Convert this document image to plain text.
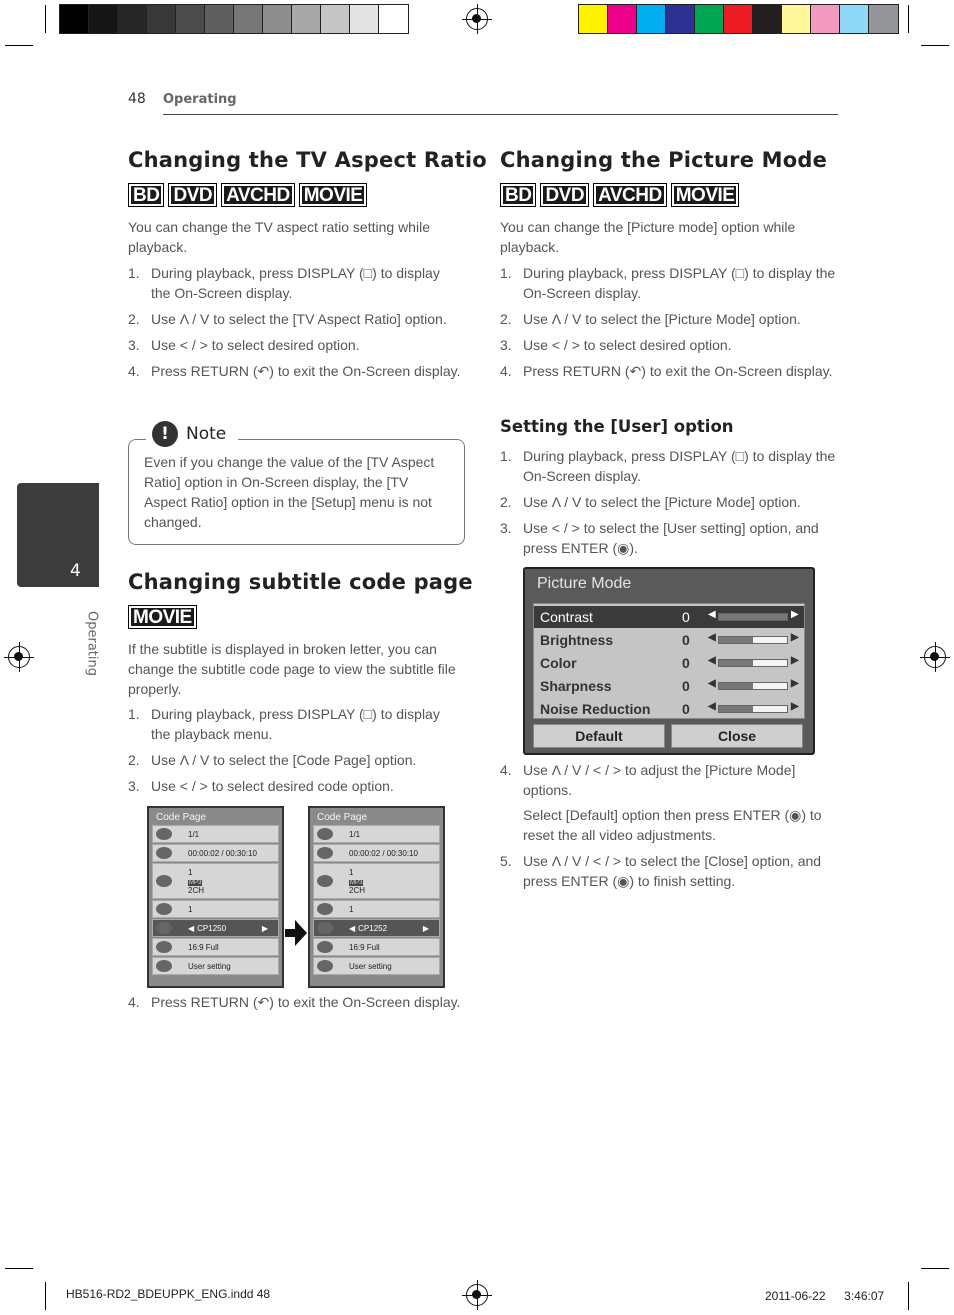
48 Operating
4
Operating
Changing the TV Aspect Ratio
BD DVD AVCHD MOVIE
You can change the TV aspect ratio setting while playback.
1. During playback, press DISPLAY (□) to display the On-Screen display.
2. Use Λ / V to select the [TV Aspect Ratio] option.
3. Use < / > to select desired option.
4. Press RETURN (↶) to exit the On-Screen display.
!	Note
Even if you change the value of the [TV Aspect Ratio] option in On-Screen display, the [TV Aspect Ratio] option in the [Setup] menu is not changed.
Changing subtitle code page
MOVIE
If the subtitle is displayed in broken letter, you can change the subtitle code page to view the subtitle file properly.
1. During playback, press DISPLAY (□) to display the playback menu.
2. Use Λ / V to select the [Code Page] option.
3. Use < / > to select desired code option.
Code Page
1/1
00:00:02 / 00:30:10
1
MP3
2CH
1
◀ CP1250	▶
16:9 Full
User setting
Code Page
1/1
00:00:02 / 00:30:10
1
MP3
2CH
1
◀ CP1252	▶
16:9 Full
User setting
4. Press RETURN (↶) to exit the On-Screen display.
Changing the Picture Mode
BD DVD AVCHD MOVIE
You can change the [Picture mode] option while playback.
1. During playback, press DISPLAY (□) to display the On-Screen display.
2. Use Λ / V to select the [Picture Mode] option.
3. Use < / > to select desired option.
4. Press RETURN (↶) to exit the On-Screen display.
Setting the [User] option
1. During playback, press DISPLAY (□) to display the On-Screen display.
2. Use Λ / V to select the [Picture Mode] option.
3. Use < / > to select the [User setting] option, and press ENTER (◉).
Picture Mode
Contrast	0 ◀	▶
Brightness	0 ◀	▶
Color	0 ◀	▶
Sharpness	0 ◀	▶
Noise Reduction 0 ◀	▶
Default	Close
4. Use Λ / V / < / > to adjust the [Picture Mode] options.
Select [Default] option then press ENTER (◉) to reset the all video adjustments.
5. Use Λ / V / < / > to select the [Close] option, and press ENTER (◉) to finish setting.
HB516-RD2_BDEUPPK_ENG.indd 48	2011-06-22 　 3:46:07
